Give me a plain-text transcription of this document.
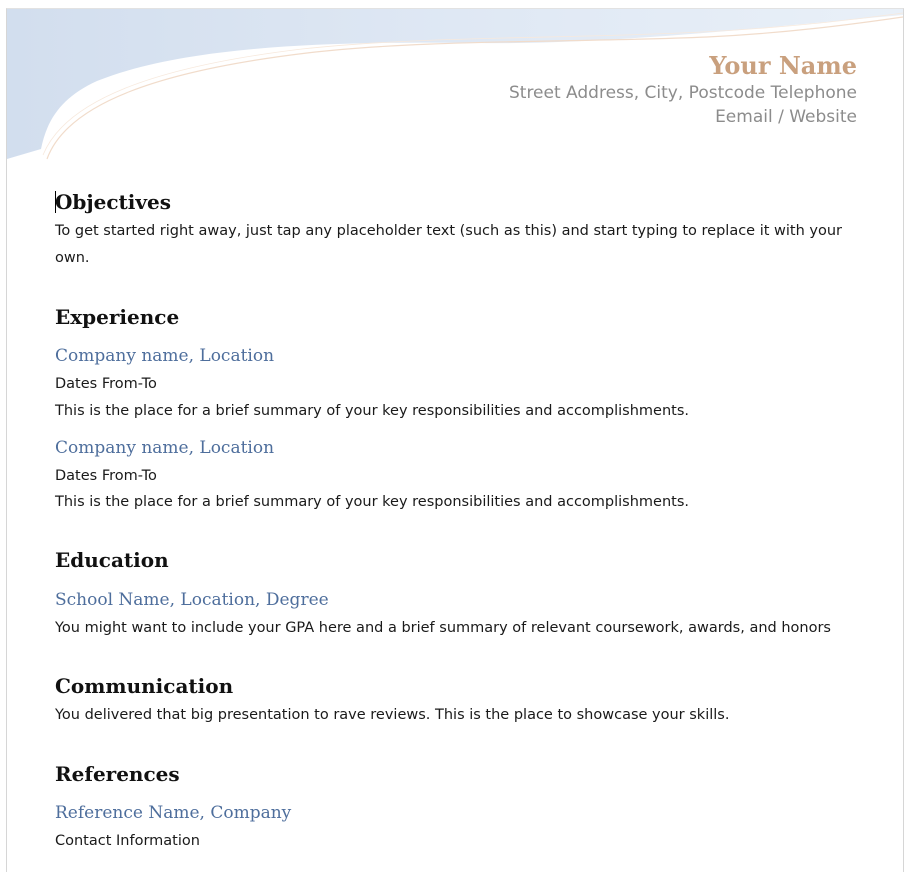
Your Name
Street Address, City, Postcode Telephone
Eemail / Website
Objectives
To get started right away, just tap any placeholder text (such as this) and start typing to replace it with your own.
Experience
Company name, Location
Dates From-To
This is the place for a brief summary of your key responsibilities and accomplishments.
Company name, Location
Dates From-To
This is the place for a brief summary of your key responsibilities and accomplishments.
Education
School Name, Location, Degree
You might want to include your GPA here and a brief summary of relevant coursework, awards, and honors
Communication
You delivered that big presentation to rave reviews. This is the place to showcase your skills.
References
Reference Name, Company
Contact Information
